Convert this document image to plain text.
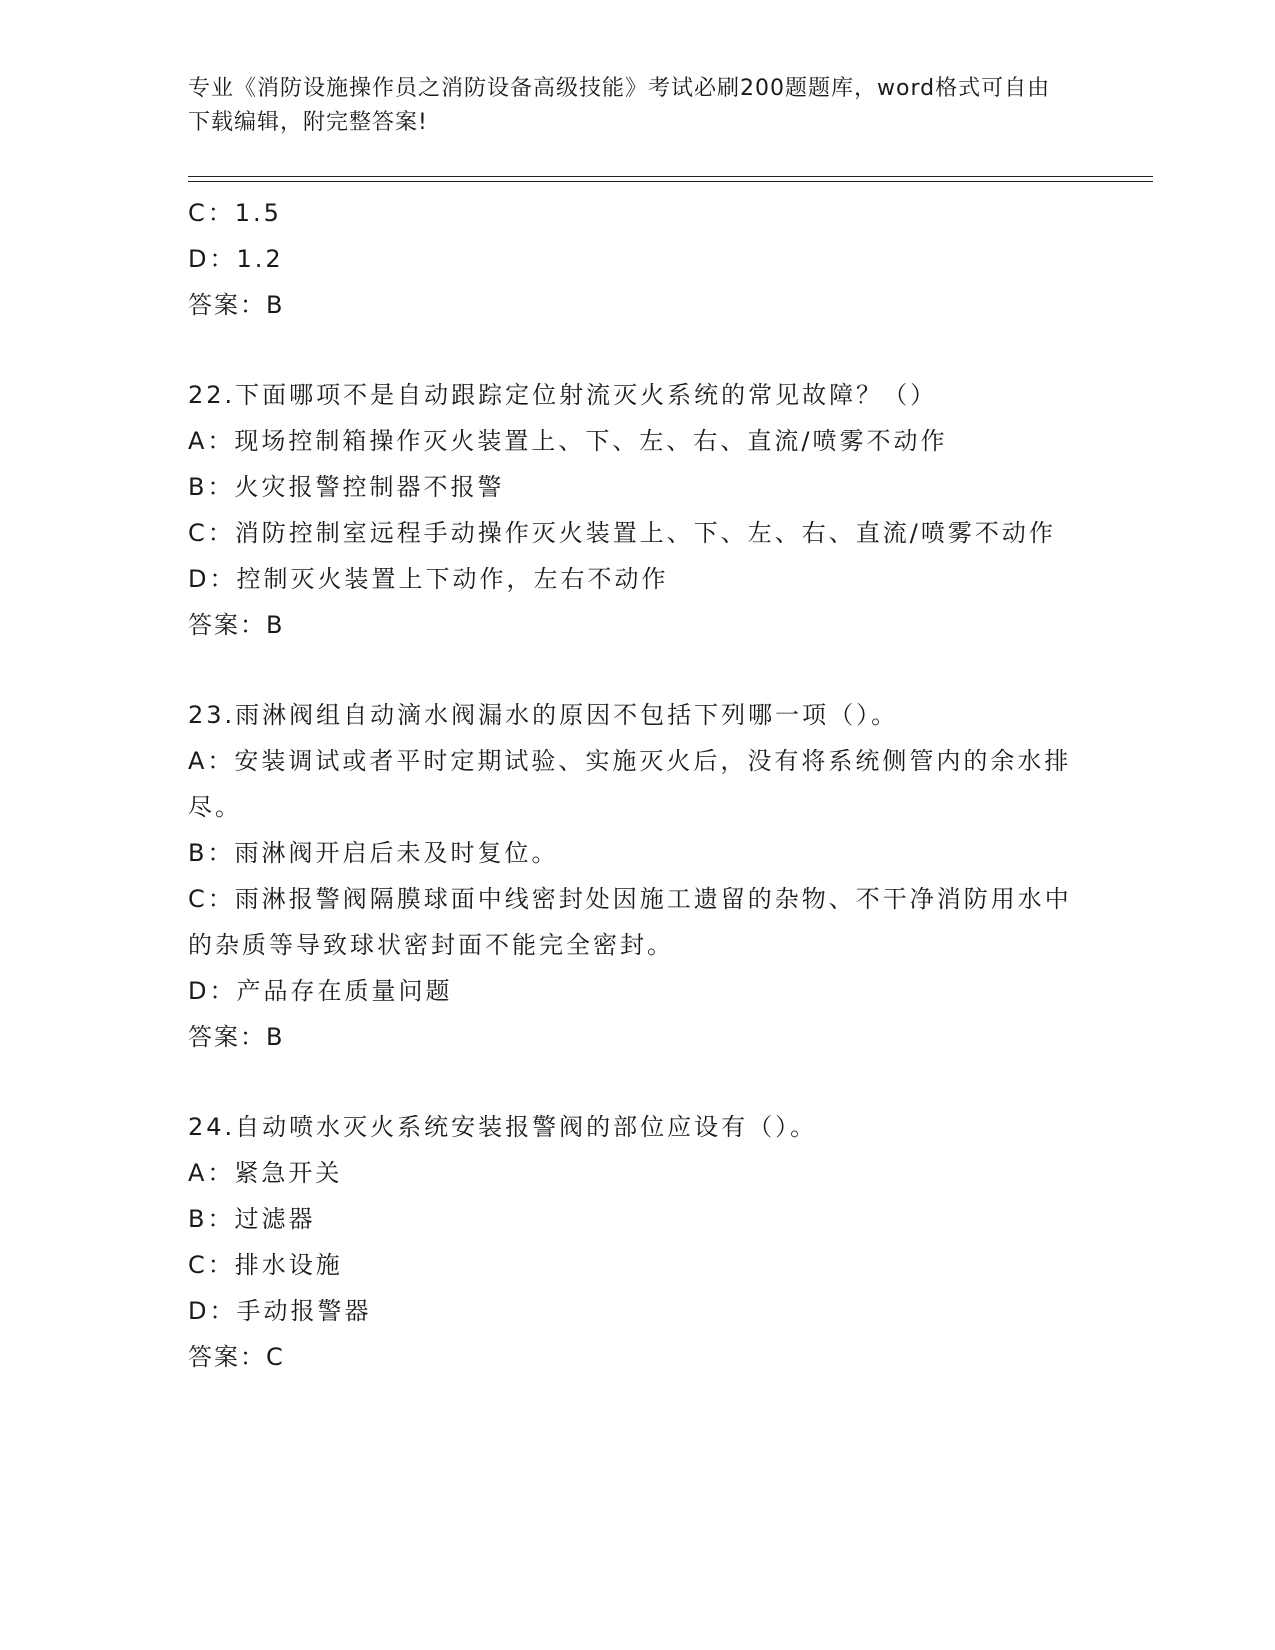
专业《消防设施操作员之消防设备高级技能》考试必刷200题题库，word格式可自由下载编辑，附完整答案!
C：1.5
D：1.2
答案：B
22.下面哪项不是自动跟踪定位射流灭火系统的常见故障？（）
A：现场控制箱操作灭火装置上、下、左、右、直流/喷雾不动作
B：火灾报警控制器不报警
C：消防控制室远程手动操作灭火装置上、下、左、右、直流/喷雾不动作
D：控制灭火装置上下动作，左右不动作
答案：B
23.雨淋阀组自动滴水阀漏水的原因不包括下列哪一项（）。
A：安装调试或者平时定期试验、实施灭火后，没有将系统侧管内的余水排尽。
B：雨淋阀开启后未及时复位。
C：雨淋报警阀隔膜球面中线密封处因施工遗留的杂物、不干净消防用水中的杂质等导致球状密封面不能完全密封。
D：产品存在质量问题
答案：B
24.自动喷水灭火系统安装报警阀的部位应设有（）。
A：紧急开关
B：过滤器
C：排水设施
D：手动报警器
答案：C
